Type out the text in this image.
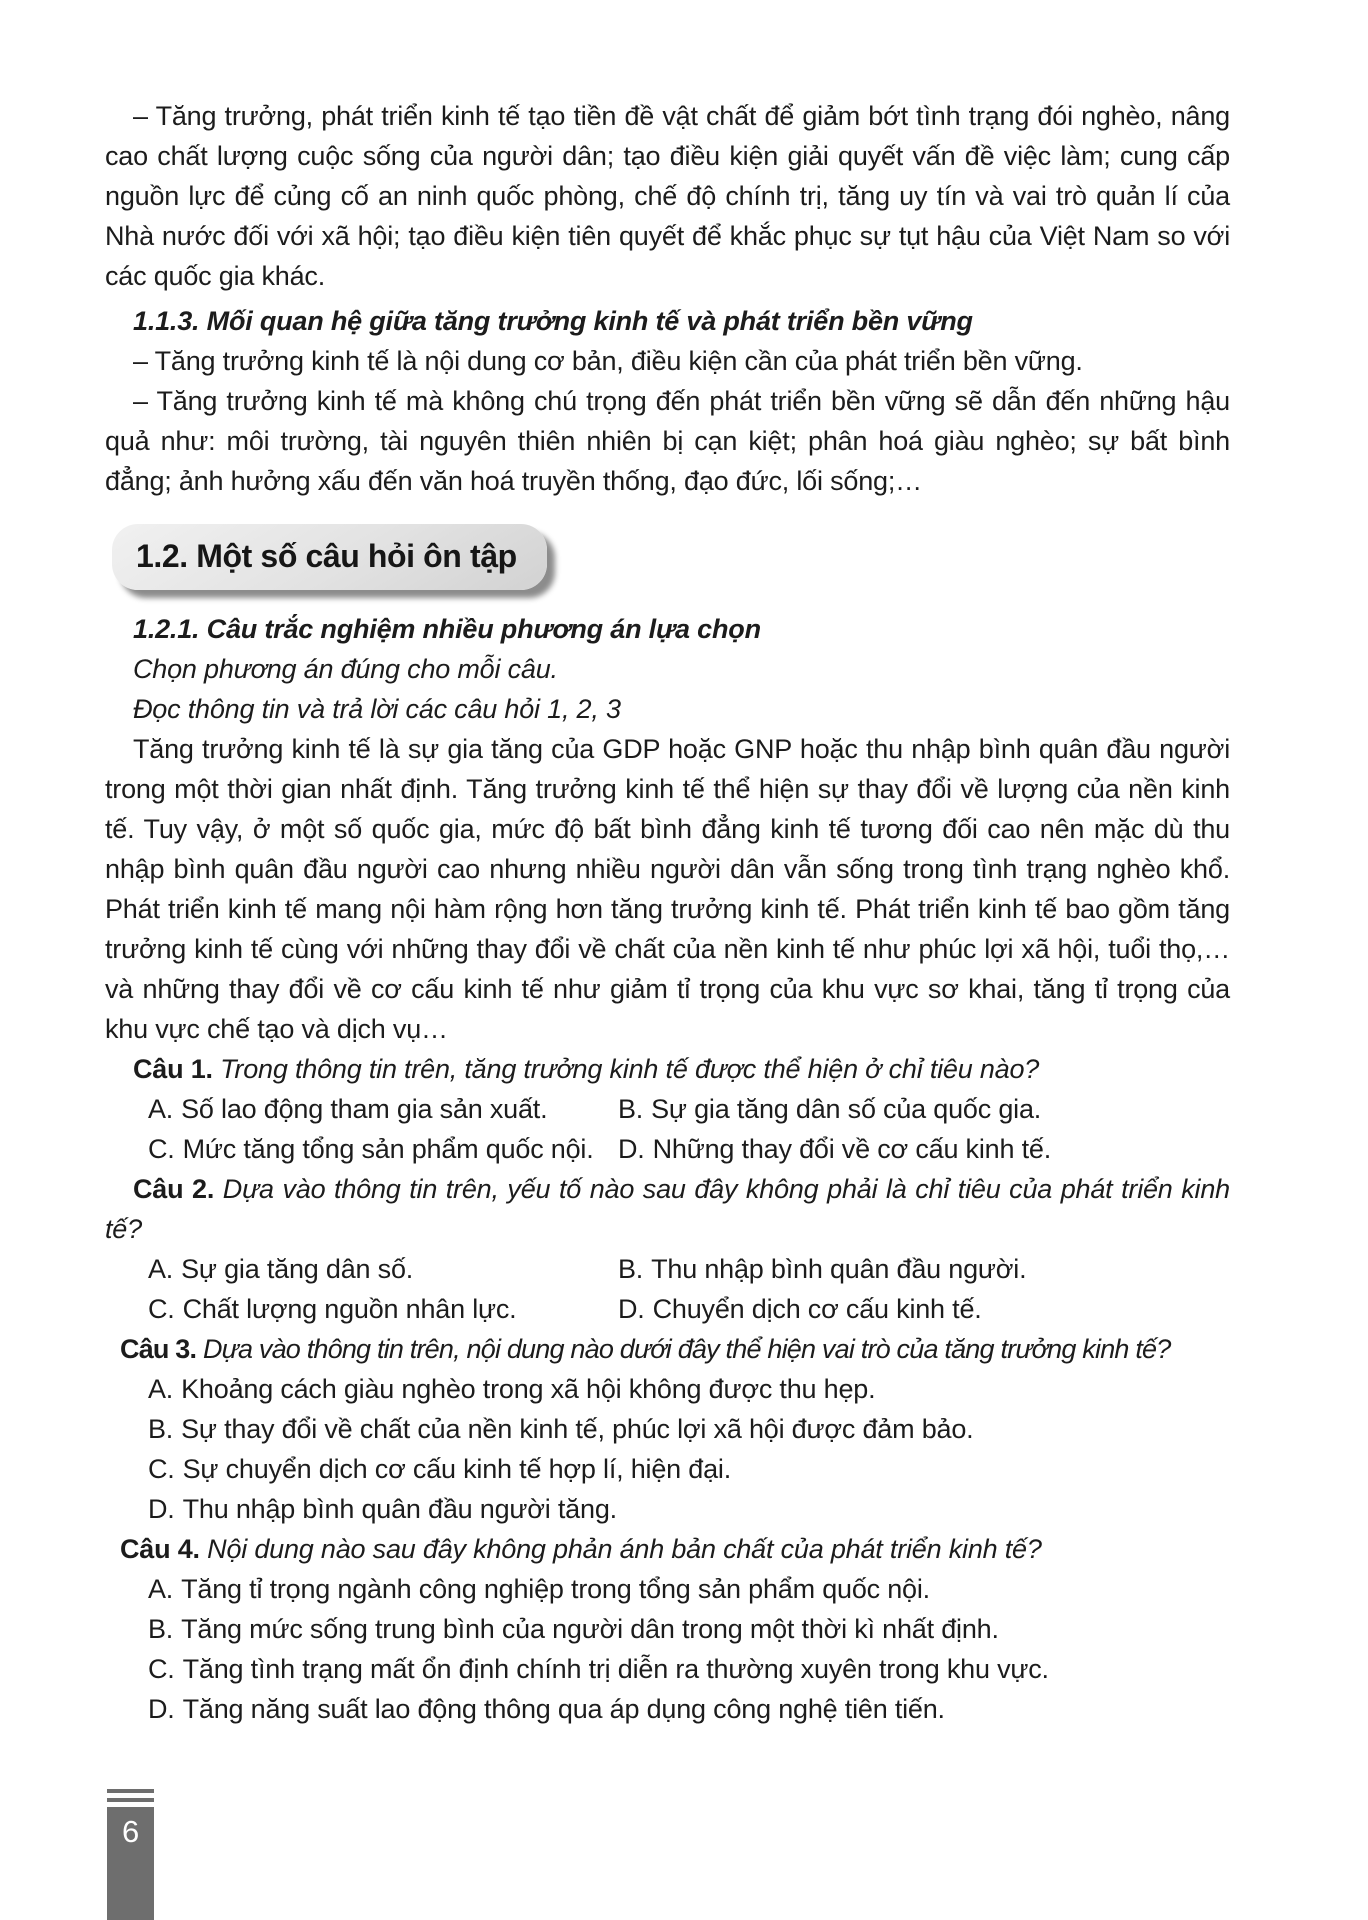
– Tăng trưởng, phát triển kinh tế tạo tiền đề vật chất để giảm bớt tình trạng đói nghèo, nâng cao chất lượng cuộc sống của người dân; tạo điều kiện giải quyết vấn đề việc làm; cung cấp nguồn lực để củng cố an ninh quốc phòng, chế độ chính trị, tăng uy tín và vai trò quản lí của Nhà nước đối với xã hội; tạo điều kiện tiên quyết để khắc phục sự tụt hậu của Việt Nam so với các quốc gia khác.

1.1.3. Mối quan hệ giữa tăng trưởng kinh tế và phát triển bền vững

– Tăng trưởng kinh tế là nội dung cơ bản, điều kiện cần của phát triển bền vững.

– Tăng trưởng kinh tế mà không chú trọng đến phát triển bền vững sẽ dẫn đến những hậu quả như: môi trường, tài nguyên thiên nhiên bị cạn kiệt; phân hoá giàu nghèo; sự bất bình đẳng; ảnh hưởng xấu đến văn hoá truyền thống, đạo đức, lối sống;…

1.2. Một số câu hỏi ôn tập

1.2.1. Câu trắc nghiệm nhiều phương án lựa chọn

Chọn phương án đúng cho mỗi câu.

Đọc thông tin và trả lời các câu hỏi 1, 2, 3

Tăng trưởng kinh tế là sự gia tăng của GDP hoặc GNP hoặc thu nhập bình quân đầu người trong một thời gian nhất định. Tăng trưởng kinh tế thể hiện sự thay đổi về lượng của nền kinh tế. Tuy vậy, ở một số quốc gia, mức độ bất bình đẳng kinh tế tương đối cao nên mặc dù thu nhập bình quân đầu người cao nhưng nhiều người dân vẫn sống trong tình trạng nghèo khổ. Phát triển kinh tế mang nội hàm rộng hơn tăng trưởng kinh tế. Phát triển kinh tế bao gồm tăng trưởng kinh tế cùng với những thay đổi về chất của nền kinh tế như phúc lợi xã hội, tuổi thọ,… và những thay đổi về cơ cấu kinh tế như giảm tỉ trọng của khu vực sơ khai, tăng tỉ trọng của khu vực chế tạo và dịch vụ…

Câu 1. Trong thông tin trên, tăng trưởng kinh tế được thể hiện ở chỉ tiêu nào?

A. Số lao động tham gia sản xuất.	B. Sự gia tăng dân số của quốc gia.

C. Mức tăng tổng sản phẩm quốc nội. D. Những thay đổi về cơ cấu kinh tế.

Câu 2. Dựa vào thông tin trên, yếu tố nào sau đây không phải là chỉ tiêu của phát triển kinh tế?

A. Sự gia tăng dân số.	B. Thu nhập bình quân đầu người.

C. Chất lượng nguồn nhân lực.	D. Chuyển dịch cơ cấu kinh tế.

Câu 3. Dựa vào thông tin trên, nội dung nào dưới đây thể hiện vai trò của tăng trưởng kinh tế?

A. Khoảng cách giàu nghèo trong xã hội không được thu hẹp.

B. Sự thay đổi về chất của nền kinh tế, phúc lợi xã hội được đảm bảo.

C. Sự chuyển dịch cơ cấu kinh tế hợp lí, hiện đại.

D. Thu nhập bình quân đầu người tăng.

Câu 4. Nội dung nào sau đây không phản ánh bản chất của phát triển kinh tế?

A. Tăng tỉ trọng ngành công nghiệp trong tổng sản phẩm quốc nội.

B. Tăng mức sống trung bình của người dân trong một thời kì nhất định.

C. Tăng tình trạng mất ổn định chính trị diễn ra thường xuyên trong khu vực.

D. Tăng năng suất lao động thông qua áp dụng công nghệ tiên tiến.

6
